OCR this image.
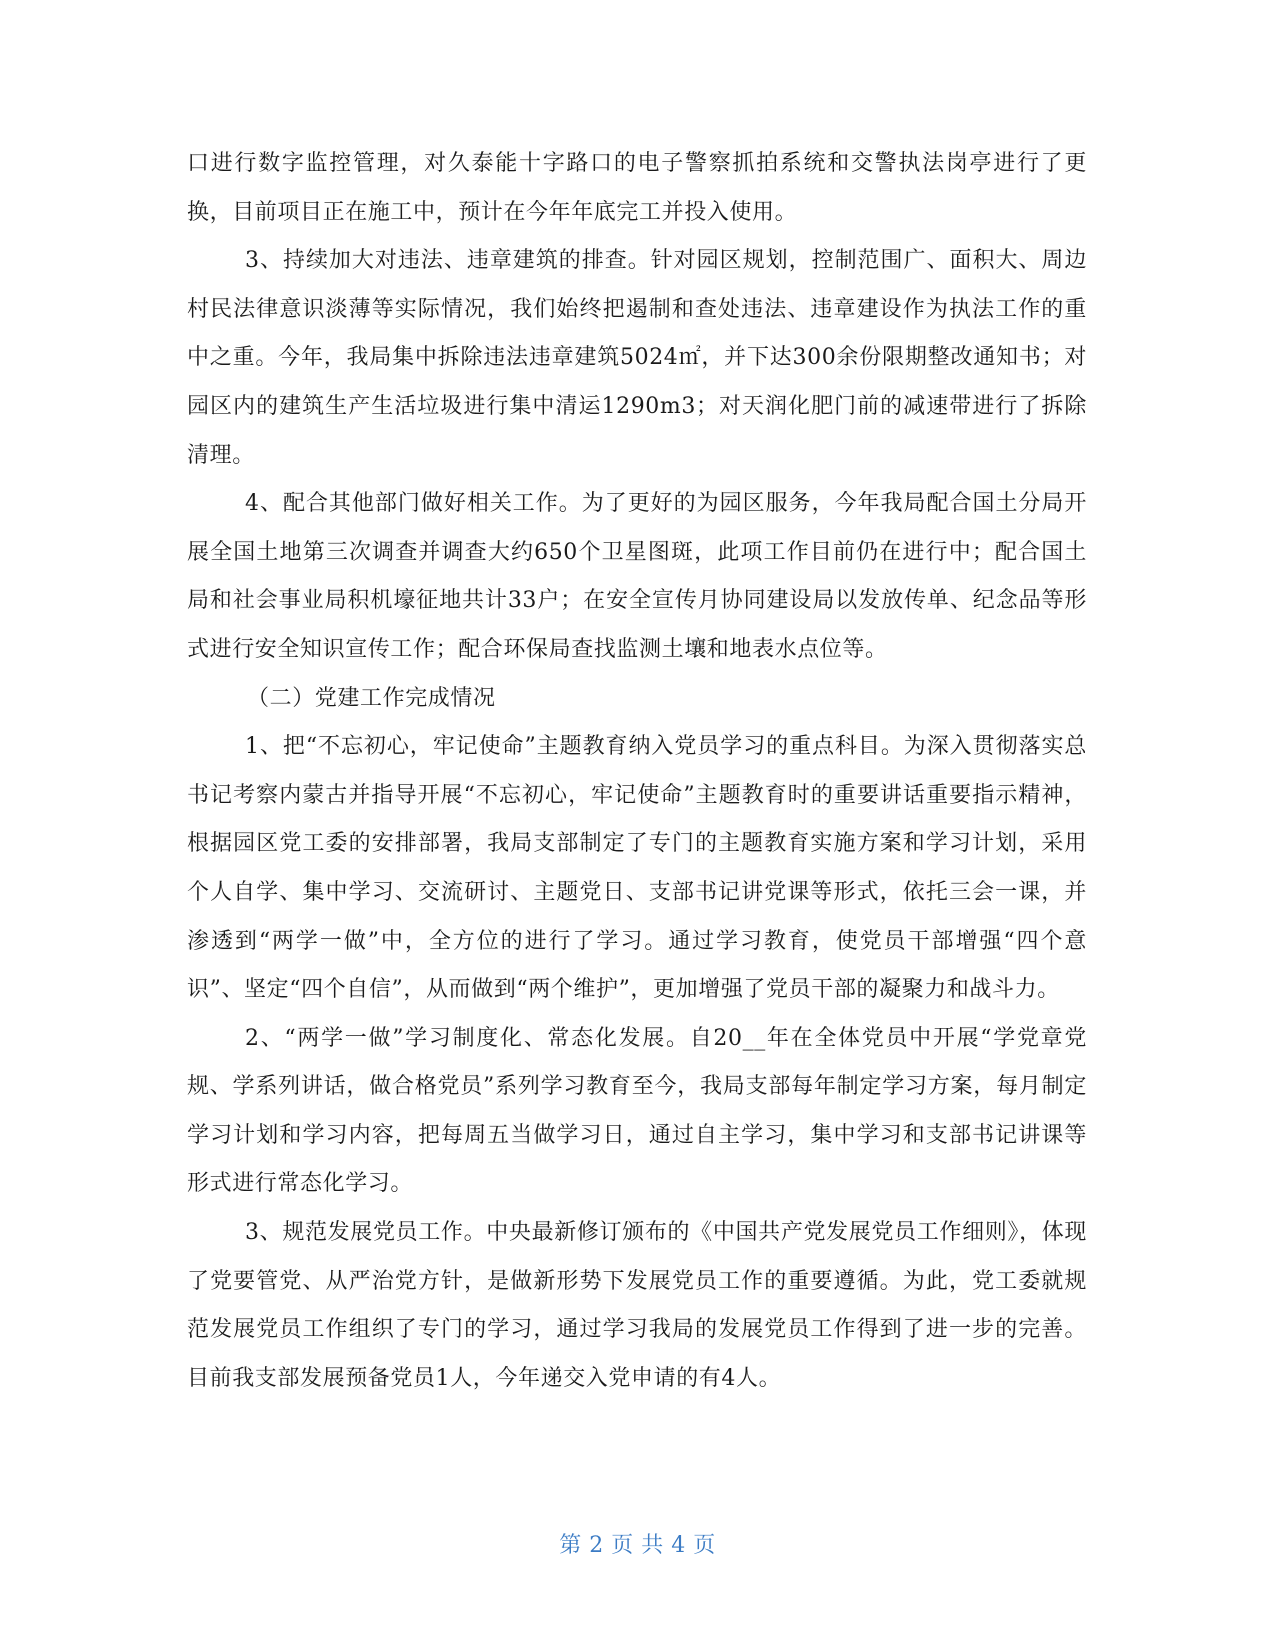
口进行数字监控管理，对久泰能十字路口的电子警察抓拍系统和交警执法岗亭进行了更换，目前项目正在施工中，预计在今年年底完工并投入使用。

3、持续加大对违法、违章建筑的排查。针对园区规划，控制范围广、面积大、周边村民法律意识淡薄等实际情况，我们始终把遏制和查处违法、违章建设作为执法工作的重中之重。今年，我局集中拆除违法违章建筑5024㎡，并下达300余份限期整改通知书；对园区内的建筑生产生活垃圾进行集中清运1290m3；对天润化肥门前的减速带进行了拆除清理。

4、配合其他部门做好相关工作。为了更好的为园区服务，今年我局配合国土分局开展全国土地第三次调查并调查大约650个卫星图斑，此项工作目前仍在进行中；配合国土局和社会事业局积机壕征地共计33户；在安全宣传月协同建设局以发放传单、纪念品等形式进行安全知识宣传工作；配合环保局查找监测土壤和地表水点位等。

（二）党建工作完成情况

1、把“不忘初心，牢记使命”主题教育纳入党员学习的重点科目。为深入贯彻落实总书记考察内蒙古并指导开展“不忘初心，牢记使命”主题教育时的重要讲话重要指示精神，根据园区党工委的安排部署，我局支部制定了专门的主题教育实施方案和学习计划，采用个人自学、集中学习、交流研讨、主题党日、支部书记讲党课等形式，依托三会一课，并渗透到“两学一做”中，全方位的进行了学习。通过学习教育，使党员干部增强“四个意识”、坚定“四个自信”，从而做到“两个维护”，更加增强了党员干部的凝聚力和战斗力。

2、“两学一做”学习制度化、常态化发展。自20__年在全体党员中开展“学党章党规、学系列讲话，做合格党员”系列学习教育至今，我局支部每年制定学习方案，每月制定学习计划和学习内容，把每周五当做学习日，通过自主学习，集中学习和支部书记讲课等形式进行常态化学习。

3、规范发展党员工作。中央最新修订颁布的《中国共产党发展党员工作细则》，体现了党要管党、从严治党方针，是做新形势下发展党员工作的重要遵循。为此，党工委就规范发展党员工作组织了专门的学习，通过学习我局的发展党员工作得到了进一步的完善。目前我支部发展预备党员1人，今年递交入党申请的有4人。

第 2 页 共 4 页
